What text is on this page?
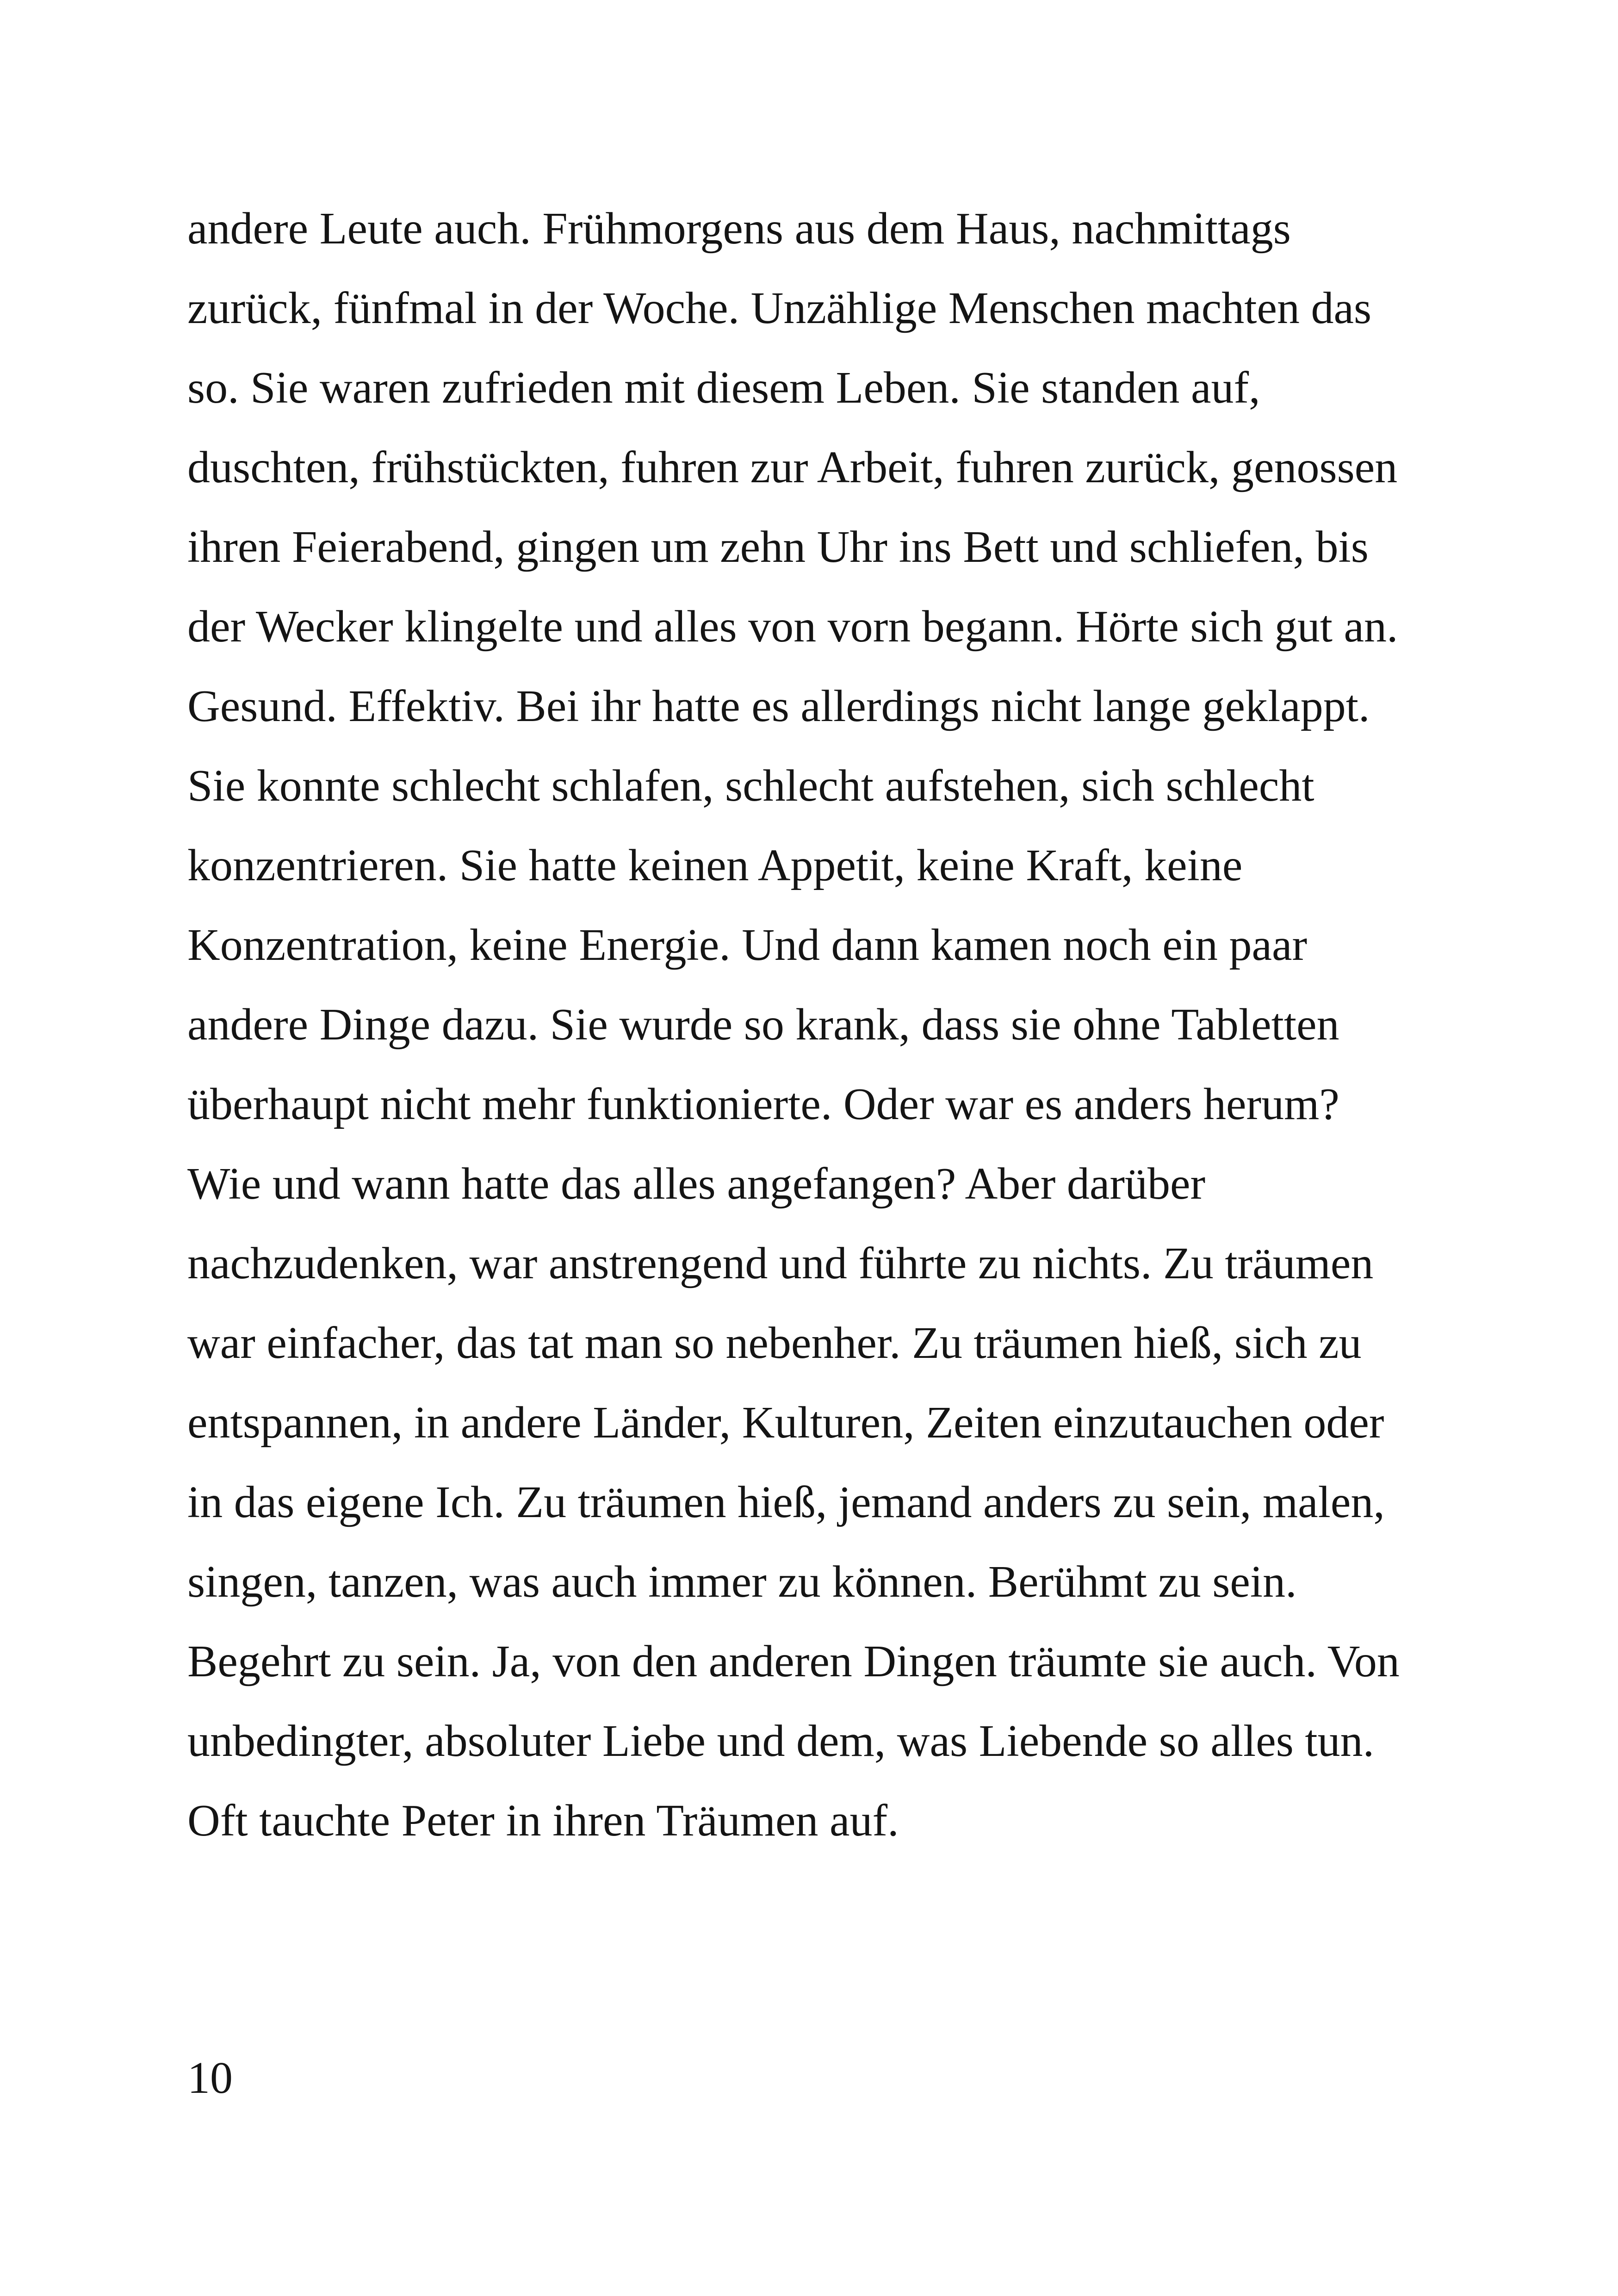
andere Leute auch. Frühmorgens aus dem Haus, nachmittags
zurück, fünfmal in der Woche. Unzählige Menschen machten das
so. Sie waren zufrieden mit diesem Leben. Sie standen auf,
duschten, frühstückten, fuhren zur Arbeit, fuhren zurück, genossen
ihren Feierabend, gingen um zehn Uhr ins Bett und schliefen, bis
der Wecker klingelte und alles von vorn begann. Hörte sich gut an.
Gesund. Effektiv. Bei ihr hatte es allerdings nicht lange geklappt.
Sie konnte schlecht schlafen, schlecht aufstehen, sich schlecht
konzentrieren. Sie hatte keinen Appetit, keine Kraft, keine
Konzentration, keine Energie. Und dann kamen noch ein paar
andere Dinge dazu. Sie wurde so krank, dass sie ohne Tabletten
überhaupt nicht mehr funktionierte. Oder war es anders herum?
Wie und wann hatte das alles angefangen? Aber darüber
nachzudenken, war anstrengend und führte zu nichts. Zu träumen
war einfacher, das tat man so nebenher. Zu träumen hieß, sich zu
entspannen, in andere Länder, Kulturen, Zeiten einzutauchen oder
in das eigene Ich. Zu träumen hieß, jemand anders zu sein, malen,
singen, tanzen, was auch immer zu können. Berühmt zu sein.
Begehrt zu sein. Ja, von den anderen Dingen träumte sie auch. Von
unbedingter, absoluter Liebe und dem, was Liebende so alles tun.
Oft tauchte Peter in ihren Träumen auf.
10
